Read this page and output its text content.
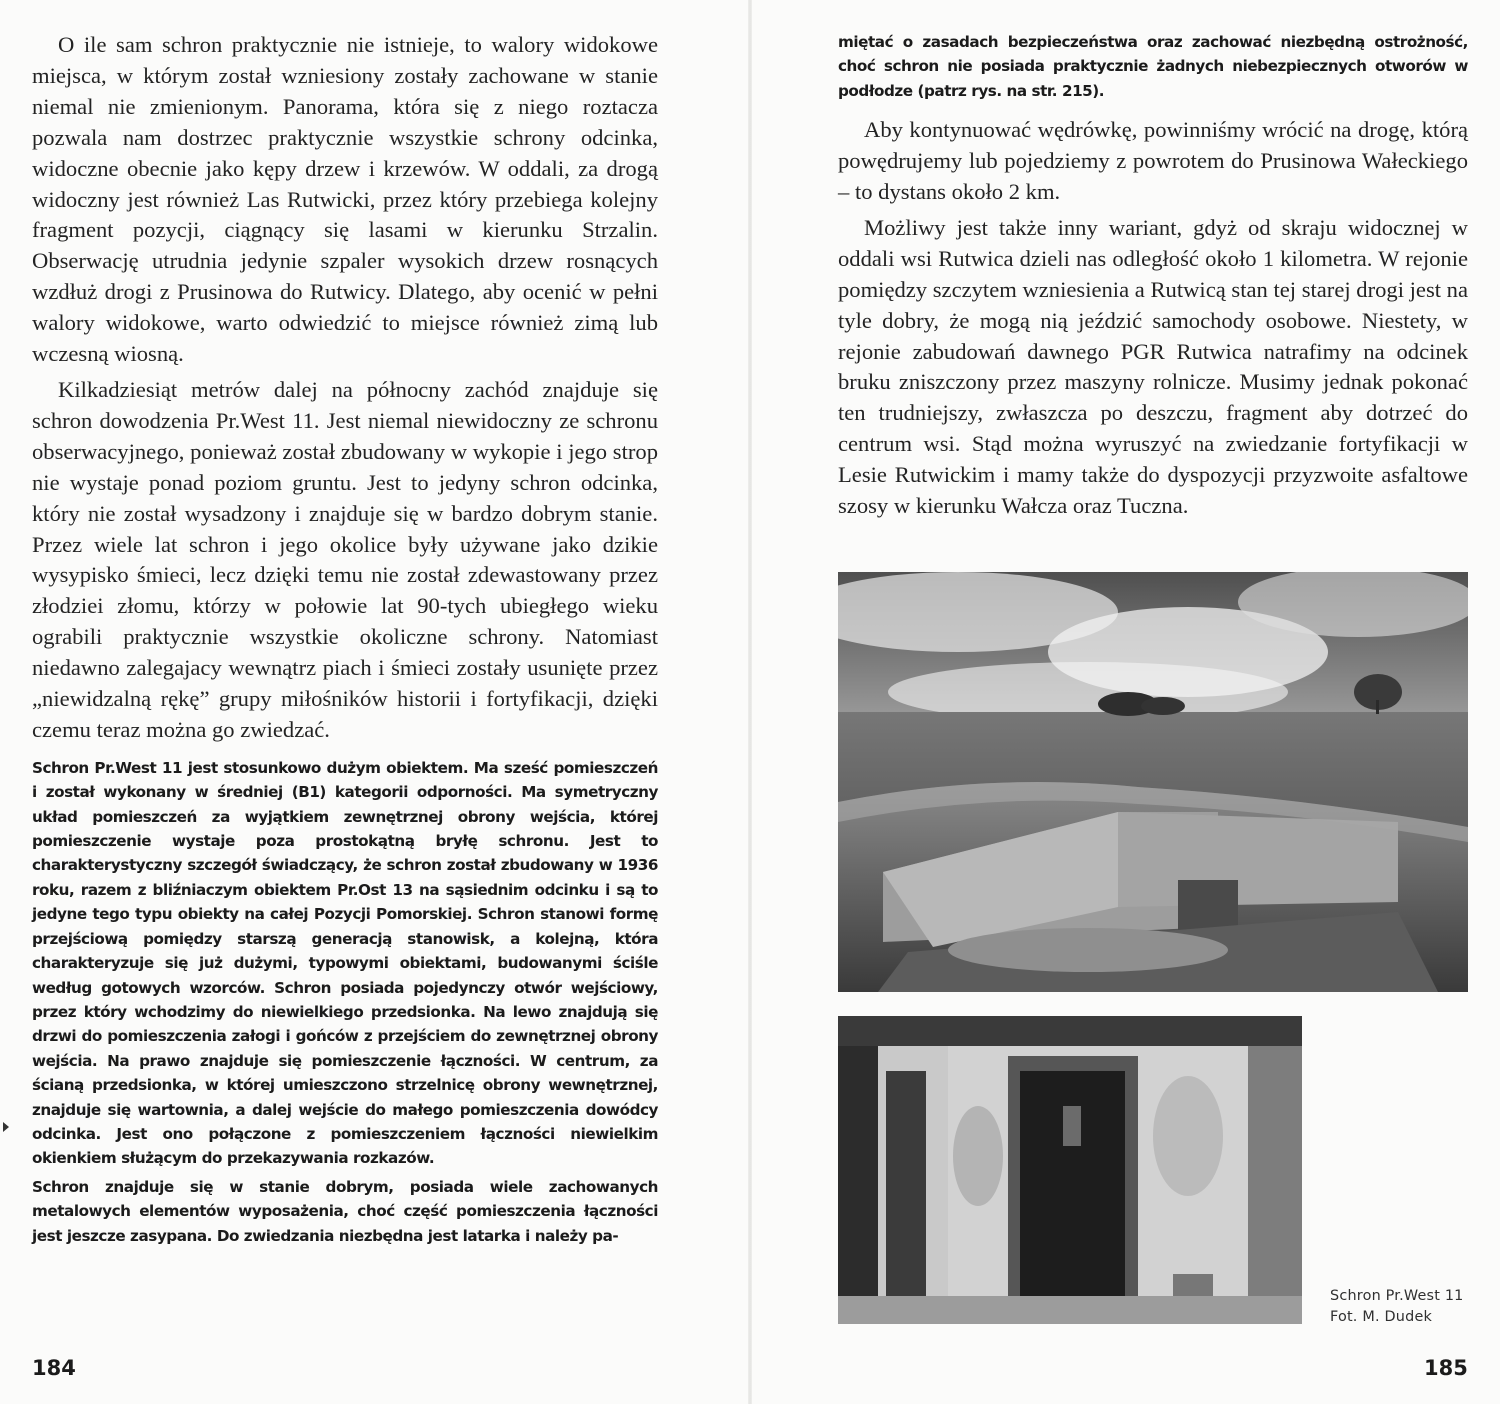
O ile sam schron praktycznie nie istnieje, to walory widokowe miejsca, w którym został wzniesiony zostały zachowane w stanie niemal nie zmienionym. Panorama, która się z niego roztacza pozwala nam dostrzec praktycznie wszystkie schrony odcinka, widoczne obecnie jako kępy drzew i krzewów. W oddali, za drogą widoczny jest również Las Rutwicki, przez który przebiega kolejny fragment pozycji, ciągnący się lasami w kierunku Strzalin. Obserwację utrudnia jedynie szpaler wysokich drzew rosnących wzdłuż drogi z Prusinowa do Rutwicy. Dlatego, aby ocenić w pełni walory widokowe, warto odwiedzić to miejsce również zimą lub wczesną wiosną.

Kilkadziesiąt metrów dalej na północny zachód znajduje się schron dowodzenia Pr.West 11. Jest niemal niewidoczny ze schronu obserwacyjnego, ponieważ został zbudowany w wykopie i jego strop nie wystaje ponad poziom gruntu. Jest to jedyny schron odcinka, który nie został wysadzony i znajduje się w bardzo dobrym stanie. Przez wiele lat schron i jego okolice były używane jako dzikie wysypisko śmieci, lecz dzięki temu nie został zdewastowany przez złodziei złomu, którzy w połowie lat 90-tych ubiegłego wieku ograbili praktycznie wszystkie okoliczne schrony. Natomiast niedawno zalegajacy wewnątrz piach i śmieci zostały usunięte przez „niewidzalną rękę” grupy miłośników historii i fortyfikacji, dzięki czemu teraz można go zwiedzać.

Schron Pr.West 11 jest stosunkowo dużym obiektem. Ma sześć pomieszczeń i został wykonany w średniej (B1) kategorii odporności. Ma symetryczny układ pomieszczeń za wyjątkiem zewnętrznej obrony wejścia, której pomieszczenie wystaje poza prostokątną bryłę schronu. Jest to charakterystyczny szczegół świadczący, że schron został zbudowany w 1936 roku, razem z bliźniaczym obiektem Pr.Ost 13 na sąsiednim odcinku i są to jedyne tego typu obiekty na całej Pozycji Pomorskiej. Schron stanowi formę przejściową pomiędzy starszą generacją stanowisk, a kolejną, która charakteryzuje się już dużymi, typowymi obiektami, budowanymi ściśle według gotowych wzorców. Schron posiada pojedynczy otwór wejściowy, przez który wchodzimy do niewielkiego przedsionka. Na lewo znajdują się drzwi do pomieszczenia załogi i gońców z przejściem do zewnętrznej obrony wejścia. Na prawo znajduje się pomieszczenie łączności. W centrum, za ścianą przedsionka, w której umieszczono strzelnicę obrony wewnętrznej, znajduje się wartownia, a dalej wejście do małego pomieszczenia dowódcy odcinka. Jest ono połączone z pomieszczeniem łączności niewielkim okienkiem służącym do przekazywania rozkazów.

Schron znajduje się w stanie dobrym, posiada wiele zachowanych metalowych elementów wyposażenia, choć część pomieszczenia łączności jest jeszcze zasypana. Do zwiedzania niezbędna jest latarka i należy pa-

184

miętać o zasadach bezpieczeństwa oraz zachować niezbędną ostrożność, choć schron nie posiada praktycznie żadnych niebezpiecznych otworów w podłodze (patrz rys. na str. 215).

Aby kontynuować wędrówkę, powinniśmy wrócić na drogę, którą powędrujemy lub pojedziemy z powrotem do Prusinowa Wałeckiego – to dystans około 2 km.

Możliwy jest także inny wariant, gdyż od skraju widocznej w oddali wsi Rutwica dzieli nas odległość około 1 kilometra. W rejonie pomiędzy szczytem wzniesienia a Rutwicą stan tej starej drogi jest na tyle dobry, że mogą nią jeździć samochody osobowe. Niestety, w rejonie zabudowań dawnego PGR Rutwica natrafimy na odcinek bruku zniszczony przez maszyny rolnicze. Musimy jednak pokonać ten trudniejszy, zwłaszcza po deszczu, fragment aby dotrzeć do centrum wsi. Stąd można wyruszyć na zwiedzanie fortyfikacji w Lesie Rutwickim i mamy także do dyspozycji przyzwoite asfaltowe szosy w kierunku Wałcza oraz Tuczna.

Schron Pr.West 11
Fot. M. Dudek
185
